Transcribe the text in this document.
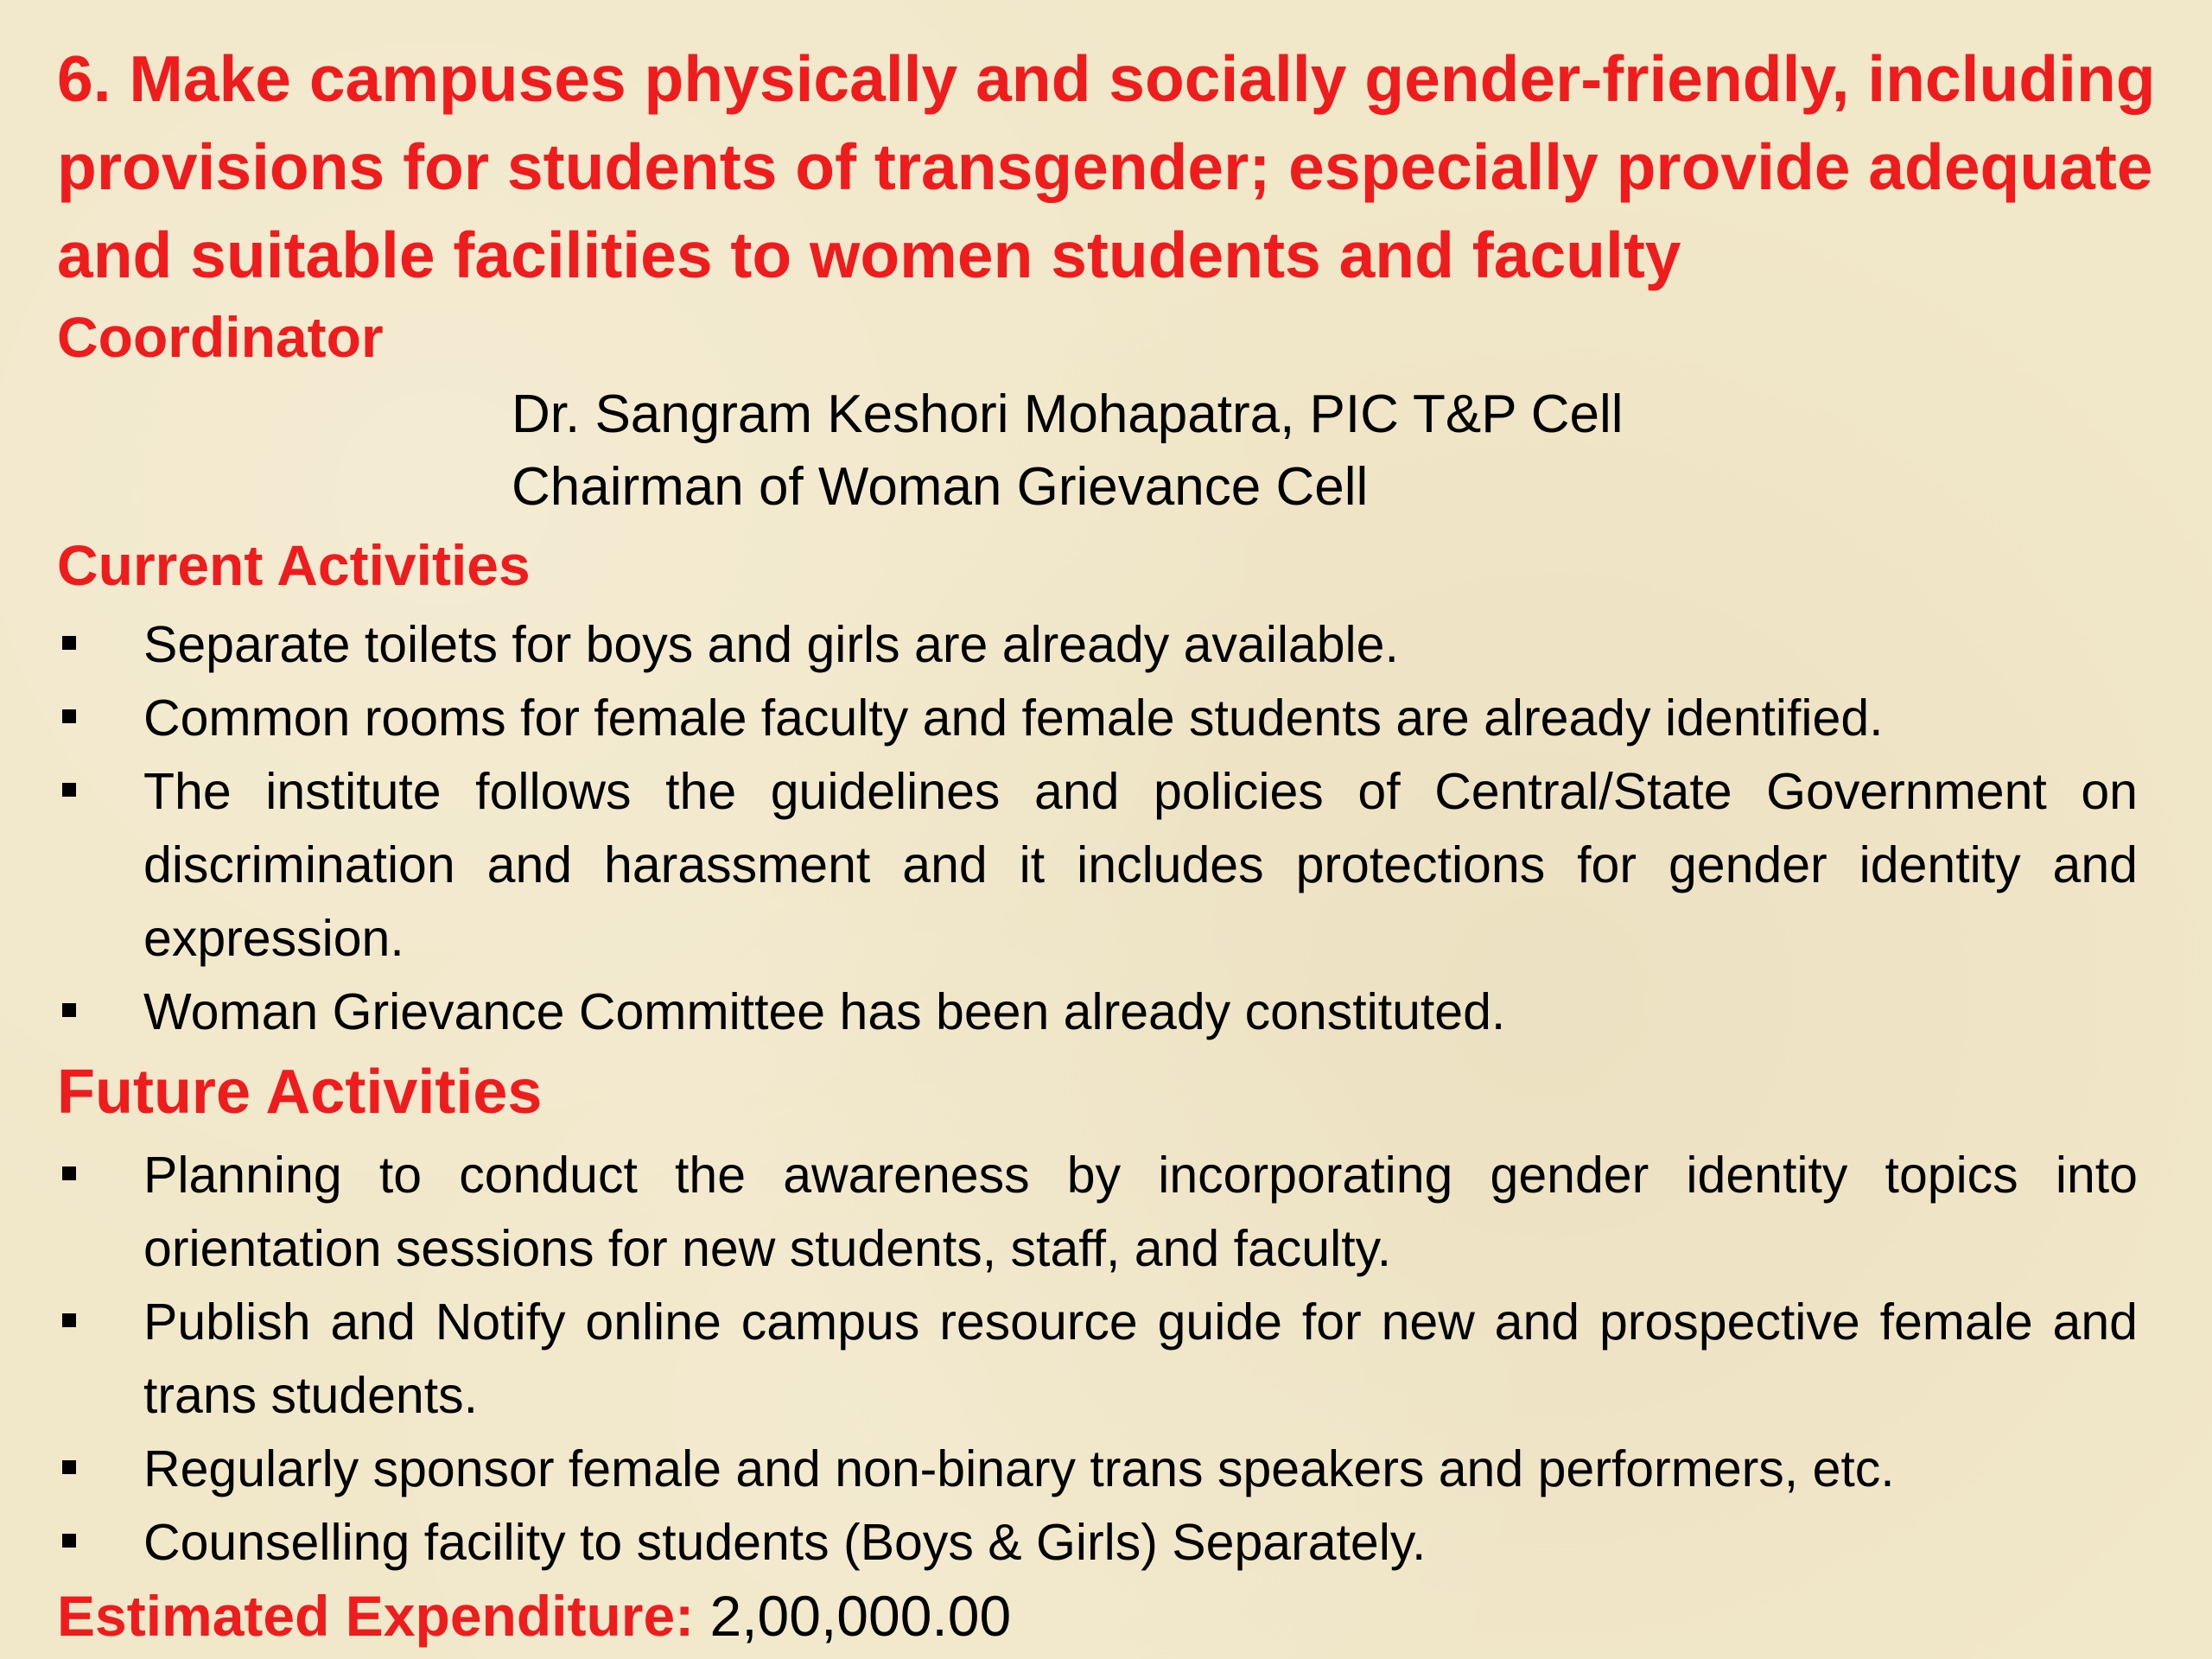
6. Make campuses physically and socially gender-friendly, including provisions for students of transgender; especially provide adequate and suitable facilities to women students and faculty
Coordinator

Dr. Sangram Keshori Mohapatra, PIC T&P Cell

Chairman of Woman Grievance Cell

Current Activities
Separate toilets for boys and girls are already available.
Common rooms for female faculty and female students are already identified.
The institute follows the guidelines and policies of Central/State Government on discrimination and harassment and it includes protections for gender identity and expression.
Woman Grievance Committee has been already constituted.
Future Activities
Planning to conduct the awareness by incorporating gender identity topics into orientation sessions for new students, staff, and faculty.
Publish and Notify online campus resource guide for new and prospective female and trans students.
Regularly sponsor female and non-binary trans speakers and performers, etc.
Counselling facility to students (Boys & Girls) Separately.

Estimated Expenditure: 2,00,000.00
